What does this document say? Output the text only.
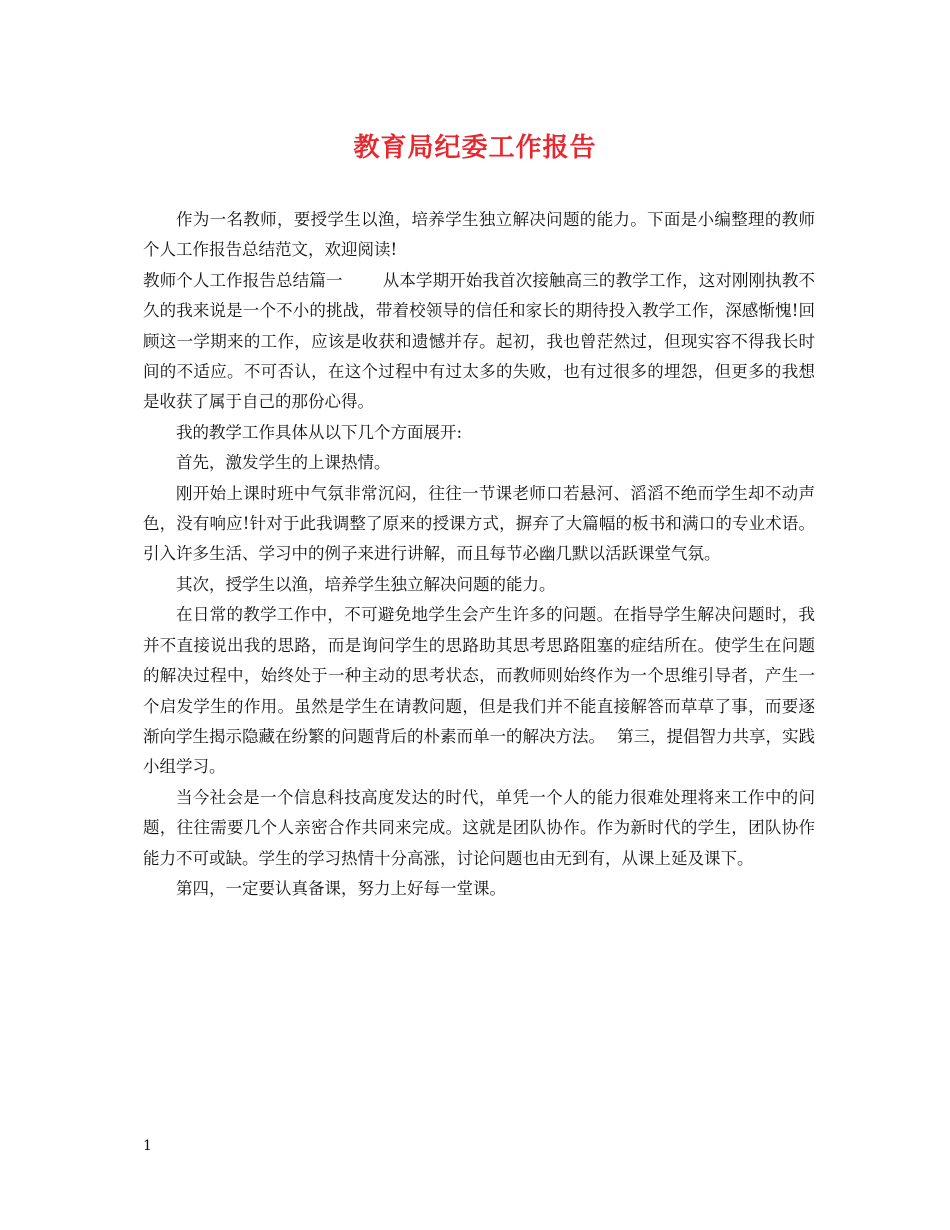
教育局纪委工作报告

作为一名教师，要授学生以渔，培养学生独立解决问题的能力。下面是小编整理的教师个人工作报告总结范文，欢迎阅读!

教师个人工作报告总结篇一 从本学期开始我首次接触高三的教学工作，这对刚刚执教不久的我来说是一个不小的挑战，带着校领导的信任和家长的期待投入教学工作，深感惭愧!回顾这一学期来的工作，应该是收获和遗憾并存。起初，我也曾茫然过，但现实容不得我长时间的不适应。不可否认，在这个过程中有过太多的失败，也有过很多的埋怨，但更多的我想是收获了属于自己的那份心得。

我的教学工作具体从以下几个方面展开:

首先，激发学生的上课热情。

刚开始上课时班中气氛非常沉闷，往往一节课老师口若悬河、滔滔不绝而学生却不动声色，没有响应!针对于此我调整了原来的授课方式，摒弃了大篇幅的板书和满口的专业术语。引入许多生活、学习中的例子来进行讲解，而且每节必幽几默以活跃课堂气氛。

其次，授学生以渔，培养学生独立解决问题的能力。

在日常的教学工作中，不可避免地学生会产生许多的问题。在指导学生解决问题时，我并不直接说出我的思路，而是询问学生的思路助其思考思路阻塞的症结所在。使学生在问题的解决过程中，始终处于一种主动的思考状态，而教师则始终作为一个思维引导者，产生一个启发学生的作用。虽然是学生在请教问题，但是我们并不能直接解答而草草了事，而要逐渐向学生揭示隐藏在纷繁的问题背后的朴素而单一的解决方法。 第三，提倡智力共享，实践小组学习。

当今社会是一个信息科技高度发达的时代，单凭一个人的能力很难处理将来工作中的问题，往往需要几个人亲密合作共同来完成。这就是团队协作。作为新时代的学生，团队协作能力不可或缺。学生的学习热情十分高涨，讨论问题也由无到有，从课上延及课下。

第四，一定要认真备课，努力上好每一堂课。

1
